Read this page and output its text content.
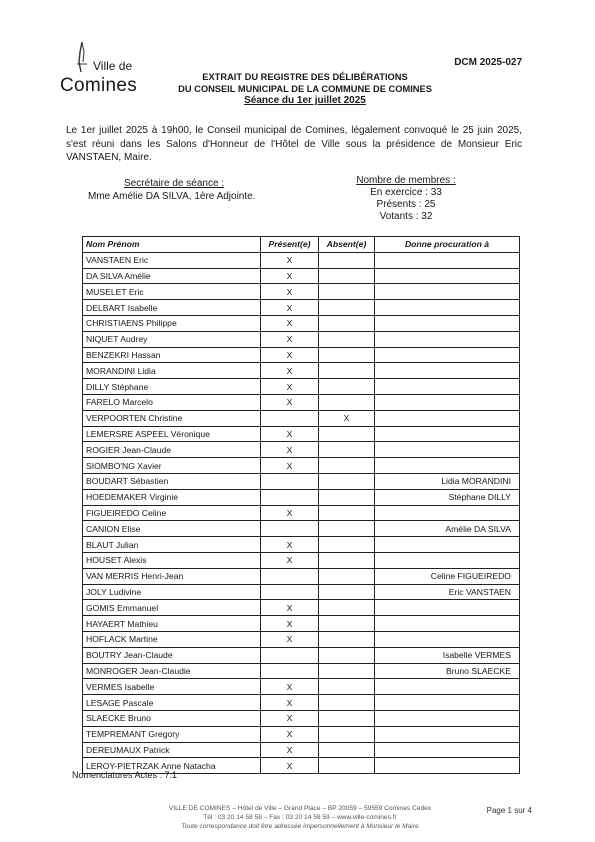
Ville de
Comines
DCM 2025-027
EXTRAIT DU REGISTRE DES DÉLIBÉRATIONS
DU CONSEIL MUNICIPAL DE LA COMMUNE DE COMINES
Séance du 1er juillet 2025
Le 1er juillet 2025 à 19h00, le Conseil municipal de Comines, légalement convoqué le 25 juin 2025, s'est réuni dans les Salons d'Honneur de l'Hôtel de Ville sous la présidence de Monsieur Eric VANSTAEN, Maire.
Secrétaire de séance :
Mme Amélie DA SILVA, 1ère Adjointe.
Nombre de membres :
En exercice : 33
Présents : 25
Votants : 32
Nom Prénom	Présent(e)	Absent(e)	Donne procuration à
VANSTAEN Eric	X		
DA SILVA Amélie	X		
MUSELET Eric	X		
DELBART Isabelle	X		
CHRISTIAENS Philippe	X		
NIQUET Audrey	X		
BENZEKRI Hassan	X		
MORANDINI Lidia	X		
DILLY Stéphane	X		
FARELO Marcelo	X		
VERPOORTEN Christine		X	
LEMERSRE ASPEEL Véronique	X		
ROGIER Jean-Claude	X		
SIOMBO'NG Xavier	X		
BOUDART Sébastien			Lidia MORANDINI
HOEDEMAKER Virginie			Stéphane DILLY
FIGUEIREDO Celine	X		
CANION Elise			Amélie DA SILVA
BLAUT Julian	X		
HOUSET Alexis	X		
VAN MERRIS Henri-Jean			Celine FIGUEIREDO
JOLY Ludivine			Eric VANSTAEN
GOMIS Emmanuel	X		
HAYAERT Mathieu	X		
HOFLACK Martine	X		
BOUTRY Jean-Claude			Isabelle VERMES
MONROGER Jean-Claudie			Bruno SLAECKE
VERMES Isabelle	X		
LESAGE Pascale	X		
SLAECKE Bruno	X		
TEMPREMANT Gregory	X		
DEREUMAUX Patrick	X		
LEROY-PIETRZAK Anne Natacha	X		
Nomenclatures Actes : 7.1
VILLE DE COMINES – Hôtel de Ville – Grand Place – BP 20059 – 59559 Comines Cedex
Tél : 03 20 14 58 58 – Fax : 03 20 14 58 59 – www.ville-comines.fr
Toute correspondance doit être adressée impersonnellement à Monsieur le Maire
Page 1 sur 4
